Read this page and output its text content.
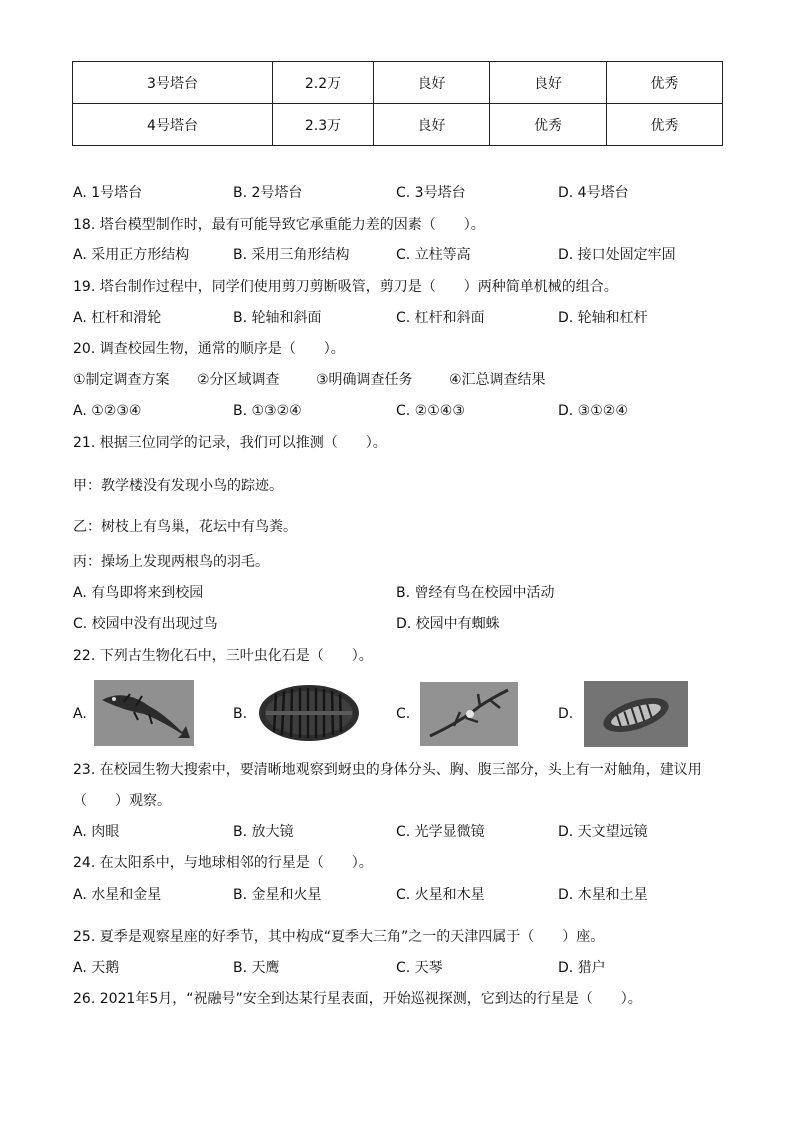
3号塔台	2.2万	良好	良好	优秀
4号塔台	2.3万	良好	优秀	优秀
A. 1号塔台	B. 2号塔台	C. 3号塔台	D. 4号塔台
18. 塔台模型制作时，最有可能导致它承重能力差的因素（　　）。
A. 采用正方形结构	B. 采用三角形结构	C. 立柱等高	D. 接口处固定牢固
19. 塔台制作过程中，同学们使用剪刀剪断吸管，剪刀是（　　）两种简单机械的组合。
A. 杠杆和滑轮	B. 轮轴和斜面	C. 杠杆和斜面	D. 轮轴和杠杆
20. 调查校园生物，通常的顺序是（　　）。
①制定调查方案 ②分区域调查	③明确调查任务	④汇总调查结果
A. ①②③④	B. ①③②④	C. ②①④③	D. ③①②④
21. 根据三位同学的记录，我们可以推测（　　）。
甲：教学楼没有发现小鸟的踪迹。
乙：树枝上有鸟巢，花坛中有鸟粪。
丙：操场上发现两根鸟的羽毛。
A. 有鸟即将来到校园	B. 曾经有鸟在校园中活动
C. 校园中没有出现过鸟	D. 校园中有蜘蛛
22. 下列古生物化石中，三叶虫化石是（　　）。
A.	B.	C.	D.
23. 在校园生物大搜索中，要清晰地观察到蚜虫的身体分头、胸、腹三部分，头上有一对触角，建议用
（　　）观察。
A. 肉眼	B. 放大镜	C. 光学显微镜	D. 天文望远镜
24. 在太阳系中，与地球相邻的行星是（　　）。
A. 水星和金星	B. 金星和火星	C. 火星和木星	D. 木星和土星
25. 夏季是观察星座的好季节，其中构成“夏季大三角”之一的天津四属于（　　）座。
A. 天鹅	B. 天鹰	C. 天琴	D. 猎户
26. 2021年5月，“祝融号”安全到达某行星表面，开始巡视探测，它到达的行星是（　　）。
